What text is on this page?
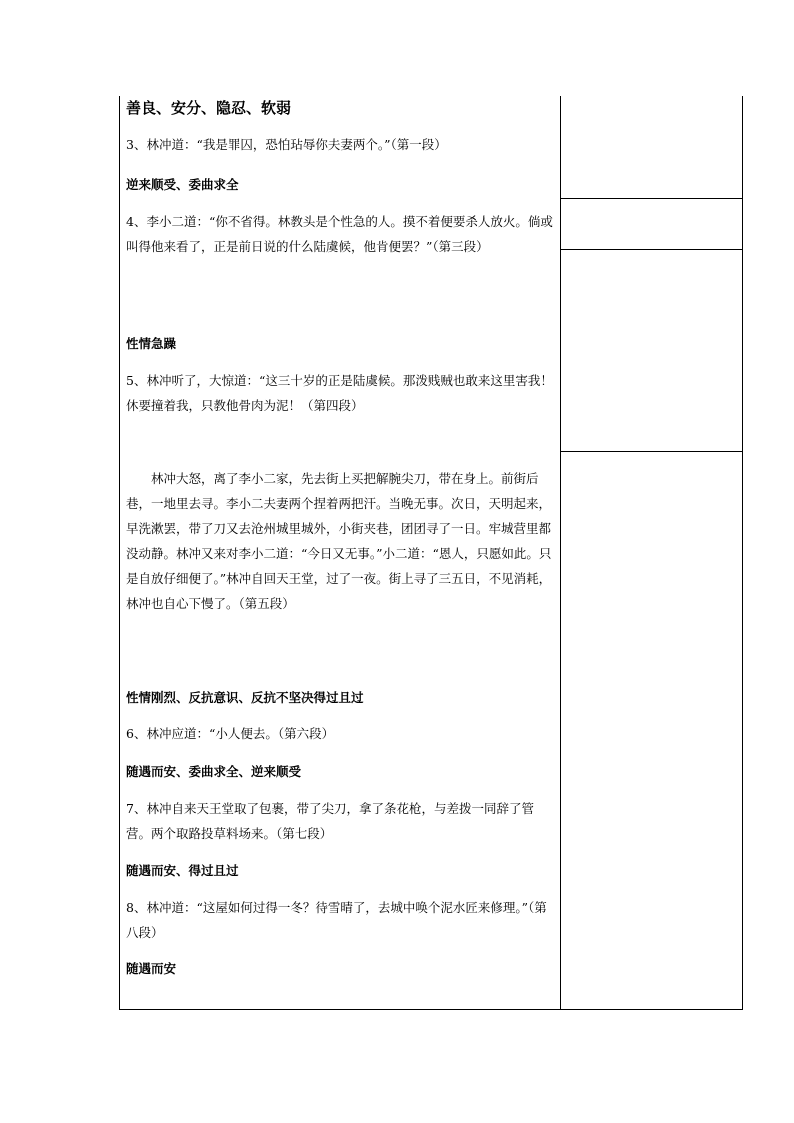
善良、安分、隐忍、软弱

3、林冲道：“我是罪囚，恐怕玷辱你夫妻两个。”（第一段）

逆来顺受、委曲求全

4、李小二道：“你不省得。林教头是个性急的人。摸不着便要杀人放火。倘或叫得他来看了，正是前日说的什么陆虞候，他肯便罢？”（第三段）

性情急躁

5、林冲听了，大惊道：“这三十岁的正是陆虞候。那泼贱贼也敢来这里害我！休要撞着我，只教他骨肉为泥！（第四段）

林冲大怒，离了李小二家，先去街上买把解腕尖刀，带在身上。前街后巷，一地里去寻。李小二夫妻两个捏着两把汗。当晚无事。次日，天明起来，早洗漱罢，带了刀又去沧州城里城外，小街夹巷，团团寻了一日。牢城营里都没动静。林冲又来对李小二道：“今日又无事。”小二道：“恩人，只愿如此。只是自放仔细便了。”林冲自回天王堂，过了一夜。街上寻了三五日，不见消耗，林冲也自心下慢了。（第五段）

性情刚烈、反抗意识、反抗不坚决得过且过

6、林冲应道：“小人便去。（第六段）

随遇而安、委曲求全、逆来顺受

7、林冲自来天王堂取了包裹，带了尖刀，拿了条花枪，与差拨一同辞了管营。两个取路投草料场来。（第七段）

随遇而安、得过且过

8、林冲道：“这屋如何过得一冬？待雪晴了，去城中唤个泥水匠来修理。”（第八段）

随遇而安
